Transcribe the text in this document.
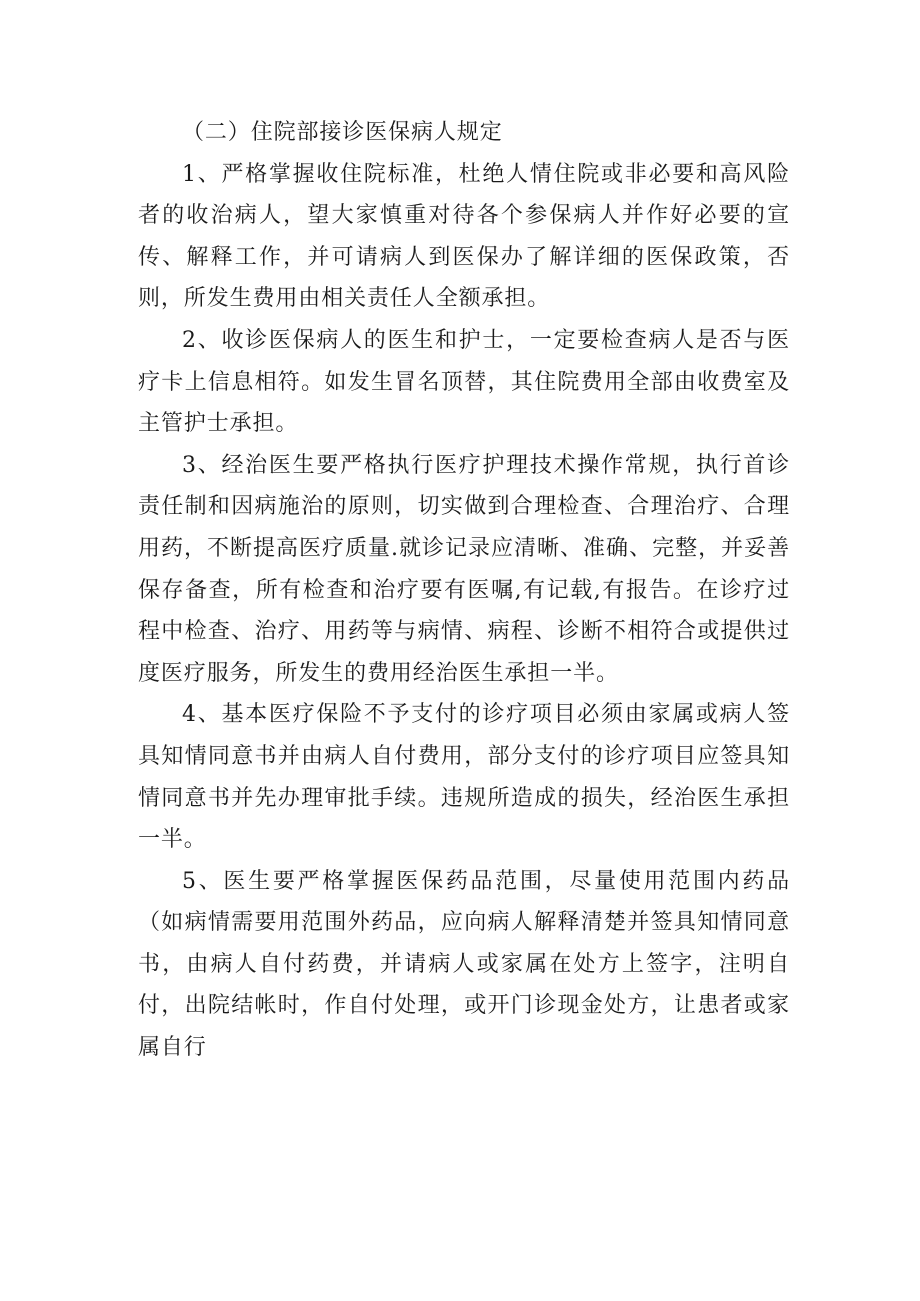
（二）住院部接诊医保病人规定

1、严格掌握收住院标准，杜绝人情住院或非必要和高风险者的收治病人，望大家慎重对待各个参保病人并作好必要的宣传、解释工作，并可请病人到医保办了解详细的医保政策，否则，所发生费用由相关责任人全额承担。

2、收诊医保病人的医生和护士，一定要检查病人是否与医疗卡上信息相符。如发生冒名顶替，其住院费用全部由收费室及主管护士承担。

3、经治医生要严格执行医疗护理技术操作常规，执行首诊责任制和因病施治的原则，切实做到合理检查、合理治疗、合理用药，不断提高医疗质量.就诊记录应清晰、准确、完整，并妥善保存备查，所有检查和治疗要有医嘱,有记载,有报告。在诊疗过程中检查、治疗、用药等与病情、病程、诊断不相符合或提供过度医疗服务，所发生的费用经治医生承担一半。

4、基本医疗保险不予支付的诊疗项目必须由家属或病人签具知情同意书并由病人自付费用，部分支付的诊疗项目应签具知情同意书并先办理审批手续。违规所造成的损失，经治医生承担一半。

5、医生要严格掌握医保药品范围，尽量使用范围内药品（如病情需要用范围外药品，应向病人解释清楚并签具知情同意书，由病人自付药费，并请病人或家属在处方上签字，注明自付，出院结帐时，作自付处理，或开门诊现金处方，让患者或家属自行
